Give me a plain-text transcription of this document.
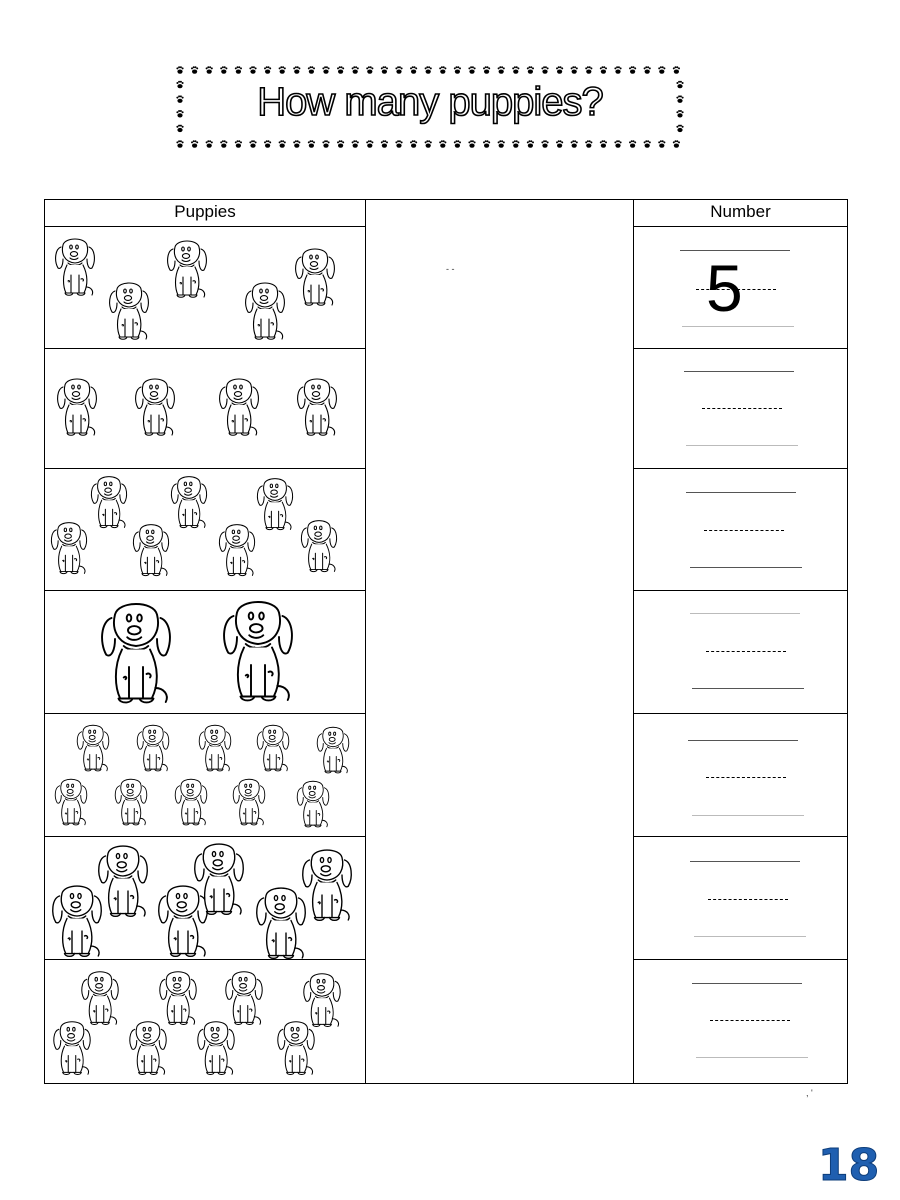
How many puppies?
‐ ‐
Puppies	Number
5
, '
18
